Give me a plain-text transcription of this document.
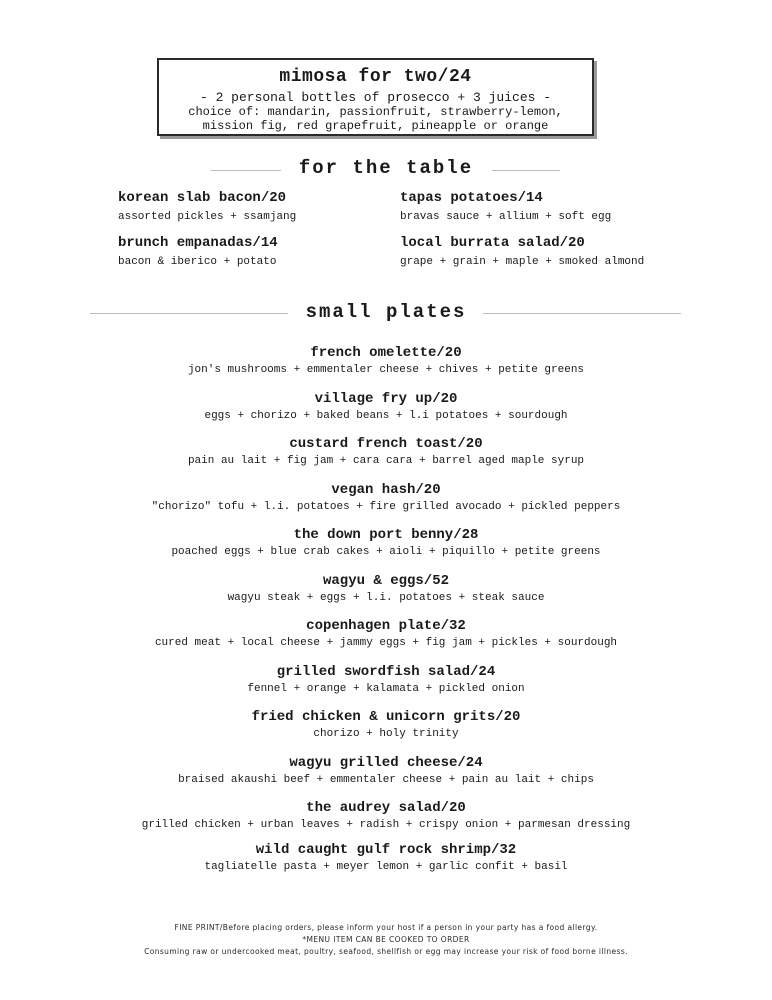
mimosa for two/24
- 2 personal bottles of prosecco + 3 juices -
choice of: mandarin, passionfruit, strawberry-lemon,
mission fig, red grapefruit, pineapple or orange
for the table
korean slab bacon/20
assorted pickles + ssamjang
tapas potatoes/14
bravas sauce + allium + soft egg
brunch empanadas/14
bacon & iberico + potato
local burrata salad/20
grape + grain + maple + smoked almond
small plates
french omelette/20
jon's mushrooms + emmentaler cheese + chives + petite greens
village fry up/20
eggs + chorizo + baked beans + l.i potatoes + sourdough
custard french toast/20
pain au lait + fig jam + cara cara + barrel aged maple syrup
vegan hash/20
"chorizo" tofu + l.i. potatoes + fire grilled avocado + pickled peppers
the down port benny/28
poached eggs + blue crab cakes + aioli + piquillo + petite greens
wagyu & eggs/52
wagyu steak + eggs + l.i. potatoes + steak sauce
copenhagen plate/32
cured meat + local cheese + jammy eggs + fig jam + pickles + sourdough
grilled swordfish salad/24
fennel + orange + kalamata + pickled onion
fried chicken & unicorn grits/20
chorizo + holy trinity
wagyu grilled cheese/24
braised akaushi beef + emmentaler cheese + pain au lait + chips
the audrey salad/20
grilled chicken + urban leaves + radish + crispy onion + parmesan dressing
wild caught gulf rock shrimp/32
tagliatelle pasta + meyer lemon + garlic confit + basil
FINE PRINT/Before placing orders, please inform your host if a person in your party has a food allergy.
*MENU ITEM CAN BE COOKED TO ORDER
Consuming raw or undercooked meat, poultry, seafood, shellfish or egg may increase your risk of food borne illness.
